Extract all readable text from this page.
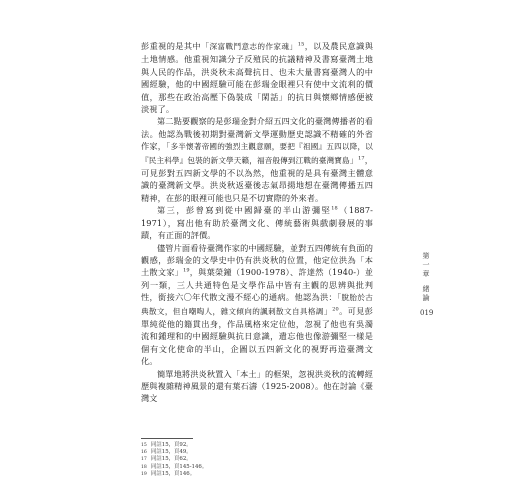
彭重視的是其中「深富戰鬥意志的作家魂」$^{15}$，以及農民意識與土地情感。他重視知識分子反殖民的抗議精神及書寫臺灣土地與人民的作品，洪炎秋未高聲抗日、也未大量書寫臺灣人的中國經驗，他的中國經驗可能在彭瑞金眼裡只有使中文流利的價值，那些在政治高壓下偽裝成「閑話」的抗日與懷鄉情感便被淡視了。

第二點要觀察的是彭瑞金對介紹五四文化的臺灣傳播者的看法。他認為戰後初期對臺灣新文學運動歷史認識不精確的外省作家，「多半懷著帝國的強烈主觀意願，要把『祖國』五四以降，以『民主科學』包裝的新文學天籟，福音般傳到江戰的臺灣寶島」$^{17}$，可見彭對五四新文學的不以為然，他重視的是具有臺灣主體意識的臺灣新文學。洪炎秋返臺後志氣昂揚地想在臺灣傳播五四精神，在彭的眼裡可能也只是不切實際的外來者。

第三，彭曾寫到從中國歸臺的半山游彌堅$^{18}$（1887-1971），寫出他有助於臺灣文化、傳統藝術與戲劇發展的事蹟，有正面的評價。

儘管片面看待臺灣作家的中國經驗，並對五四傳統有負面的觀感，彭瑞金的文學史中仍有洪炎秋的位置，他定位洪為「本土散文家」$^{19}$，與葉榮鐘（1900-1978）、許達然（1940-）並列一類，三人共通特色是文學作品中皆有主觀的思辨與批判性，銜接六〇年代散文漫不經心的通病。他認為洪：「脫胎於古典散文，但自嘲啕人，雜文傾向的諷刺散文自具格調」$^{20}$。可見彭單純從他的籍貫出身，作品風格來定位他，忽視了他也有吳濁流和鍾理和的中國經驗與抗日意識，遺忘他也像游彌堅一樣是個有文化使命的半山，企圖以五四新文化的視野再造臺灣文化。

簡單地將洪炎秋置入「本土」的框架，忽視洪炎秋的流轉經歷與複雜精神風景的還有葉石濤（1925-2008）。他在討論《臺灣文

第一章
緒論
019
15 同註15，頁92。
16 同註15，頁49。
17 同註15，頁62。
18 同註15，頁145-146。
19 同註15，頁146。
